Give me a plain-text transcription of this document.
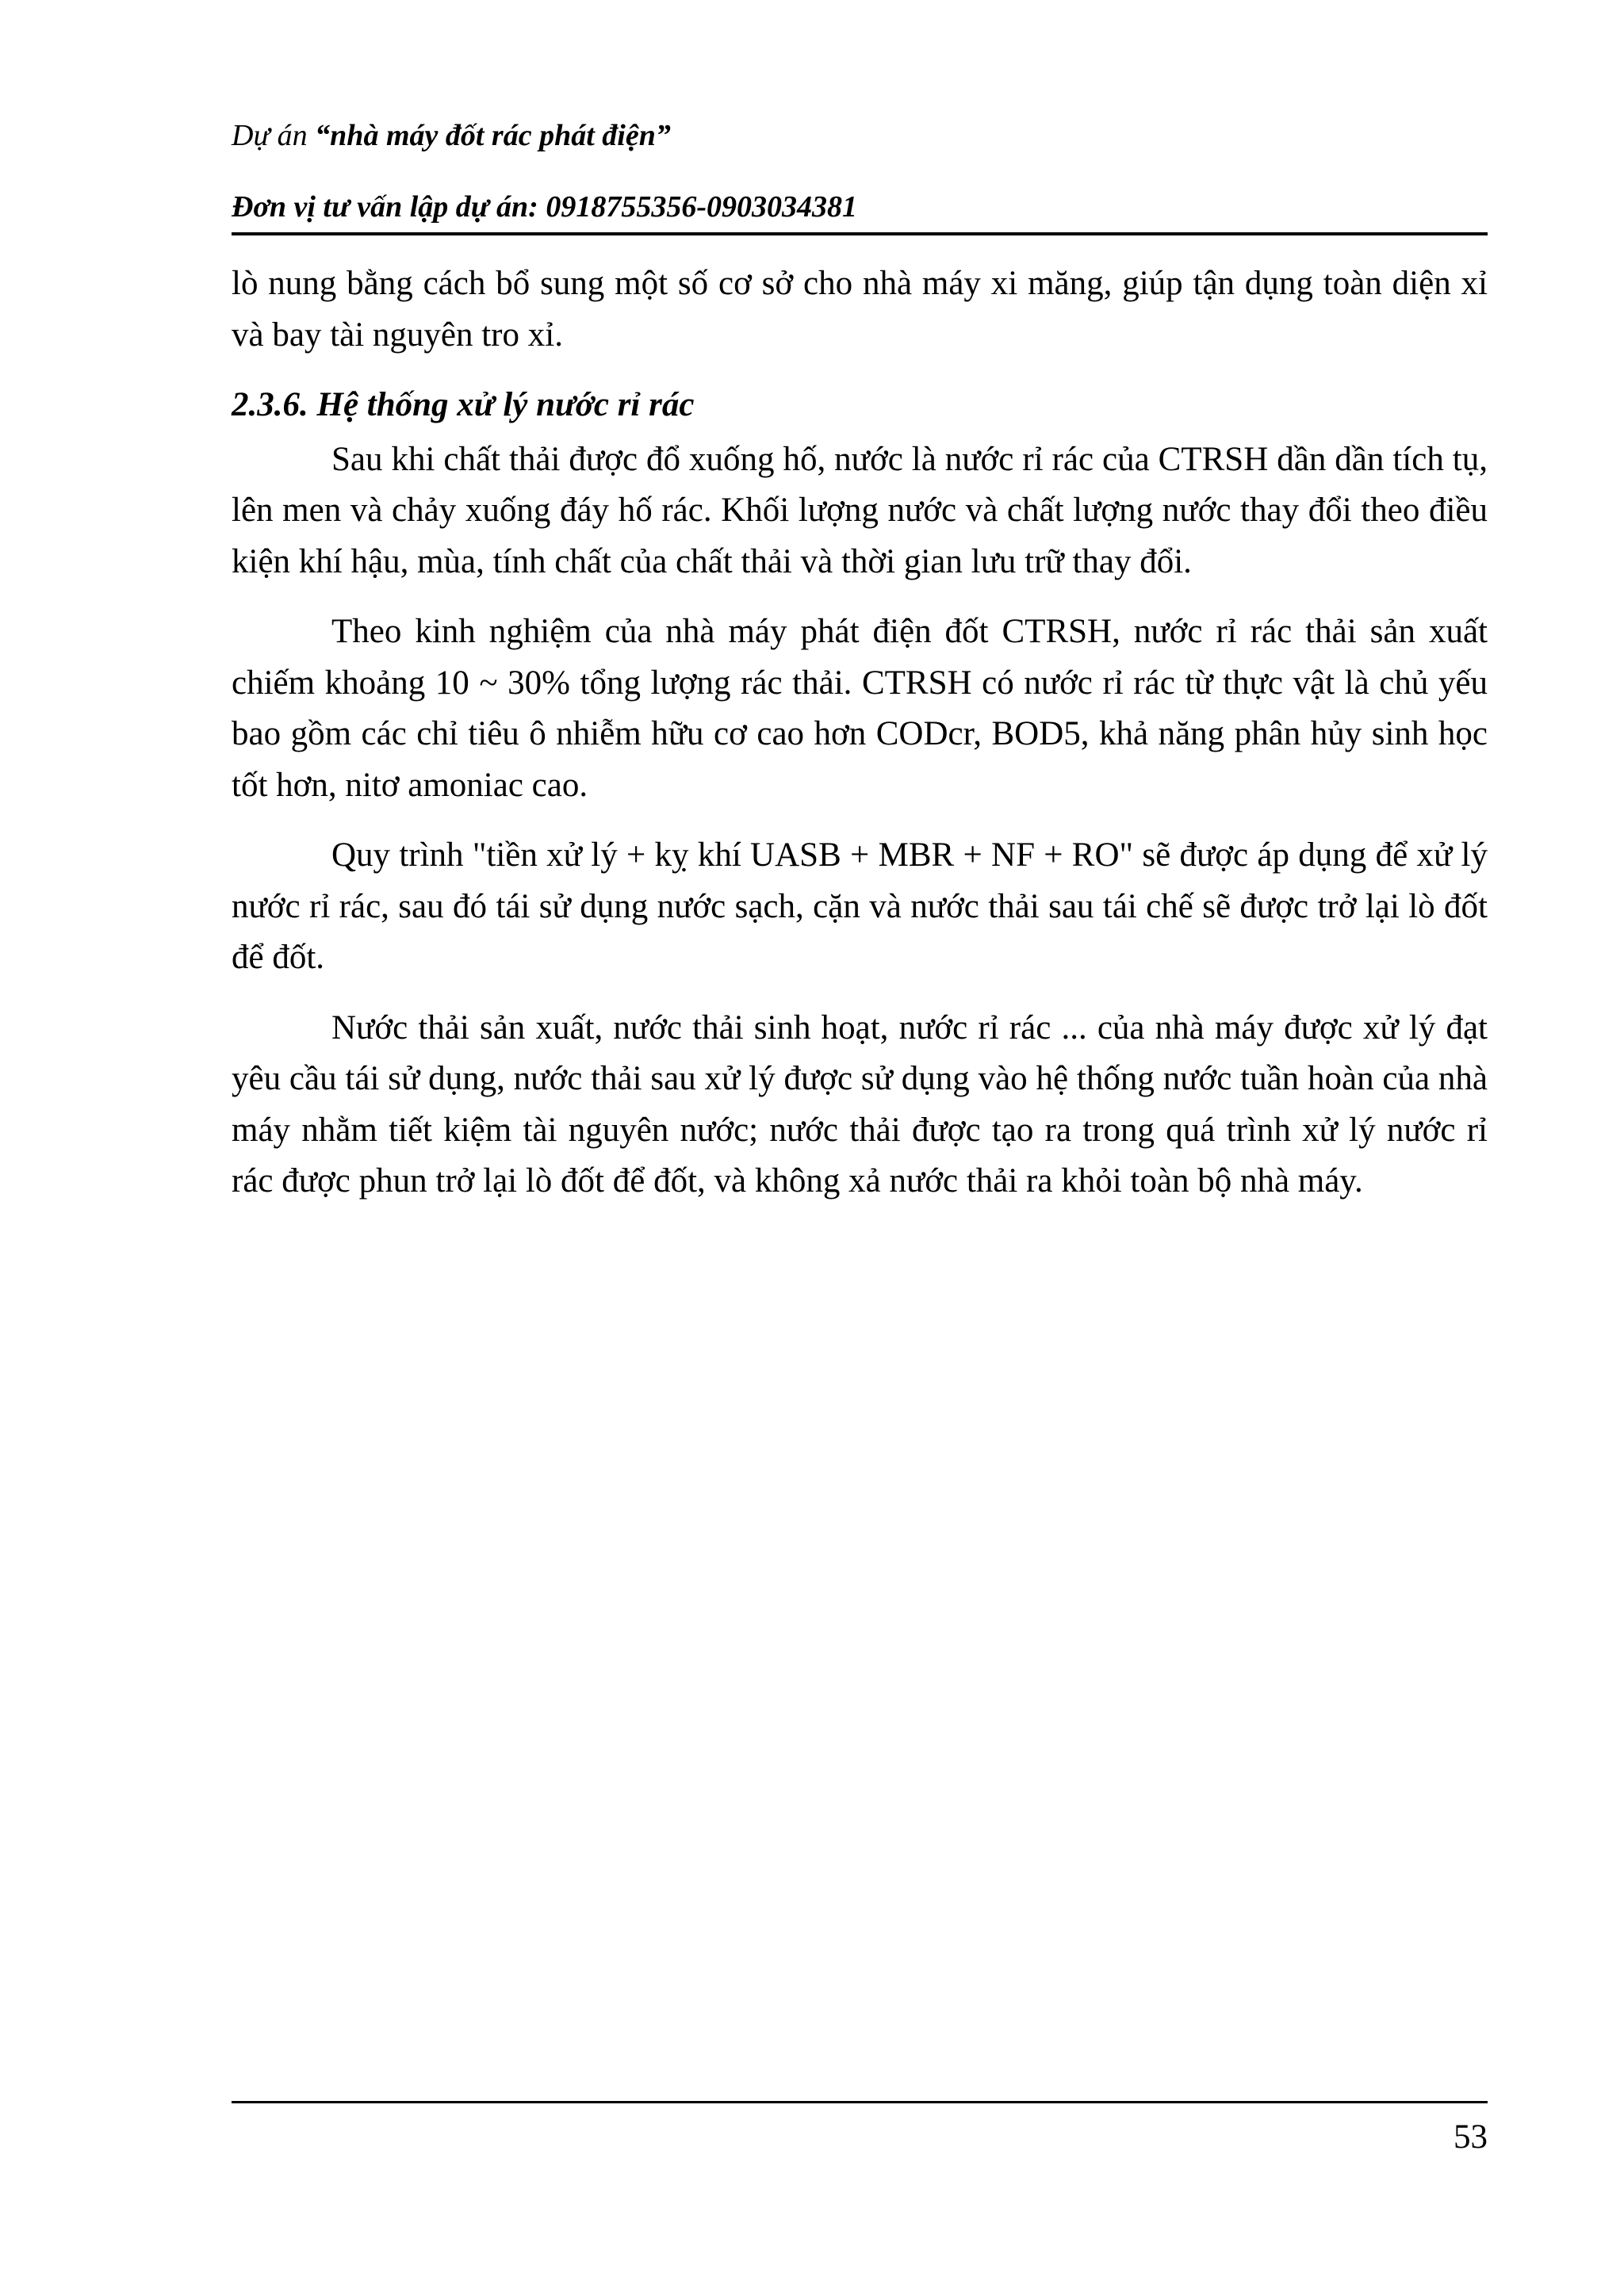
Dự án “nhà máy đốt rác phát điện”
Đơn vị tư vấn lập dự án: 0918755356-0903034381

lò nung bằng cách bổ sung một số cơ sở cho nhà máy xi măng, giúp tận dụng toàn diện xỉ và bay tài nguyên tro xỉ.

2.3.6. Hệ thống xử lý nước rỉ rác

Sau khi chất thải được đổ xuống hố, nước là nước rỉ rác của CTRSH dần dần tích tụ, lên men và chảy xuống đáy hố rác. Khối lượng nước và chất lượng nước thay đổi theo điều kiện khí hậu, mùa, tính chất của chất thải và thời gian lưu trữ thay đổi.

Theo kinh nghiệm của nhà máy phát điện đốt CTRSH, nước rỉ rác thải sản xuất chiếm khoảng 10 ~ 30% tổng lượng rác thải. CTRSH có nước rỉ rác từ thực vật là chủ yếu bao gồm các chỉ tiêu ô nhiễm hữu cơ cao hơn CODcr, BOD5, khả năng phân hủy sinh học tốt hơn, nitơ amoniac cao.

Quy trình "tiền xử lý + kỵ khí UASB + MBR + NF + RO" sẽ được áp dụng để xử lý nước rỉ rác, sau đó tái sử dụng nước sạch, cặn và nước thải sau tái chế sẽ được trở lại lò đốt để đốt.

Nước thải sản xuất, nước thải sinh hoạt, nước rỉ rác ... của nhà máy được xử lý đạt yêu cầu tái sử dụng, nước thải sau xử lý được sử dụng vào hệ thống nước tuần hoàn của nhà máy nhằm tiết kiệm tài nguyên nước; nước thải được tạo ra trong quá trình xử lý nước rỉ rác được phun trở lại lò đốt để đốt, và không xả nước thải ra khỏi toàn bộ nhà máy.

53
